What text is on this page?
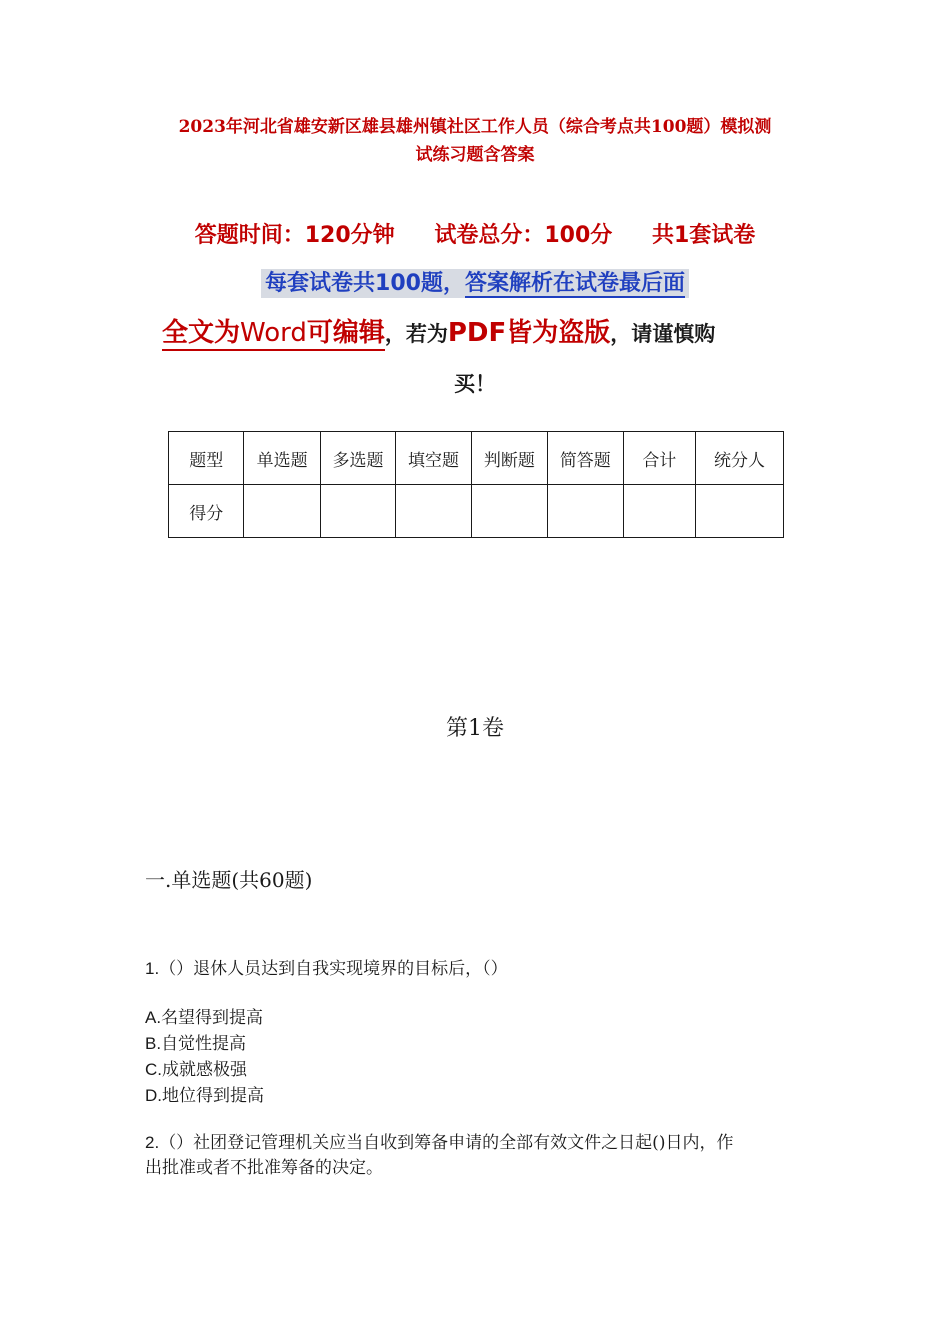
2023年河北省雄安新区雄县雄州镇社区工作人员（综合考点共100题）模拟测
试练习题含答案
答题时间：120分钟 试卷总分：100分 共1套试卷
每套试卷共100题，答案解析在试卷最后面
全文为Word可编辑，若为PDF皆为盗版，请谨慎购
买！
题型	单选题	多选题	填空题	判断题	简答题	合计	统分人
得分							
第1卷
一.单选题(共60题)
1.（）退休人员达到自我实现境界的目标后，（）
A.名望得到提高
B.自觉性提高
C.成就感极强
D.地位得到提高
2.（）社团登记管理机关应当自收到筹备申请的全部有效文件之日起()日内，作
出批准或者不批准筹备的决定。
